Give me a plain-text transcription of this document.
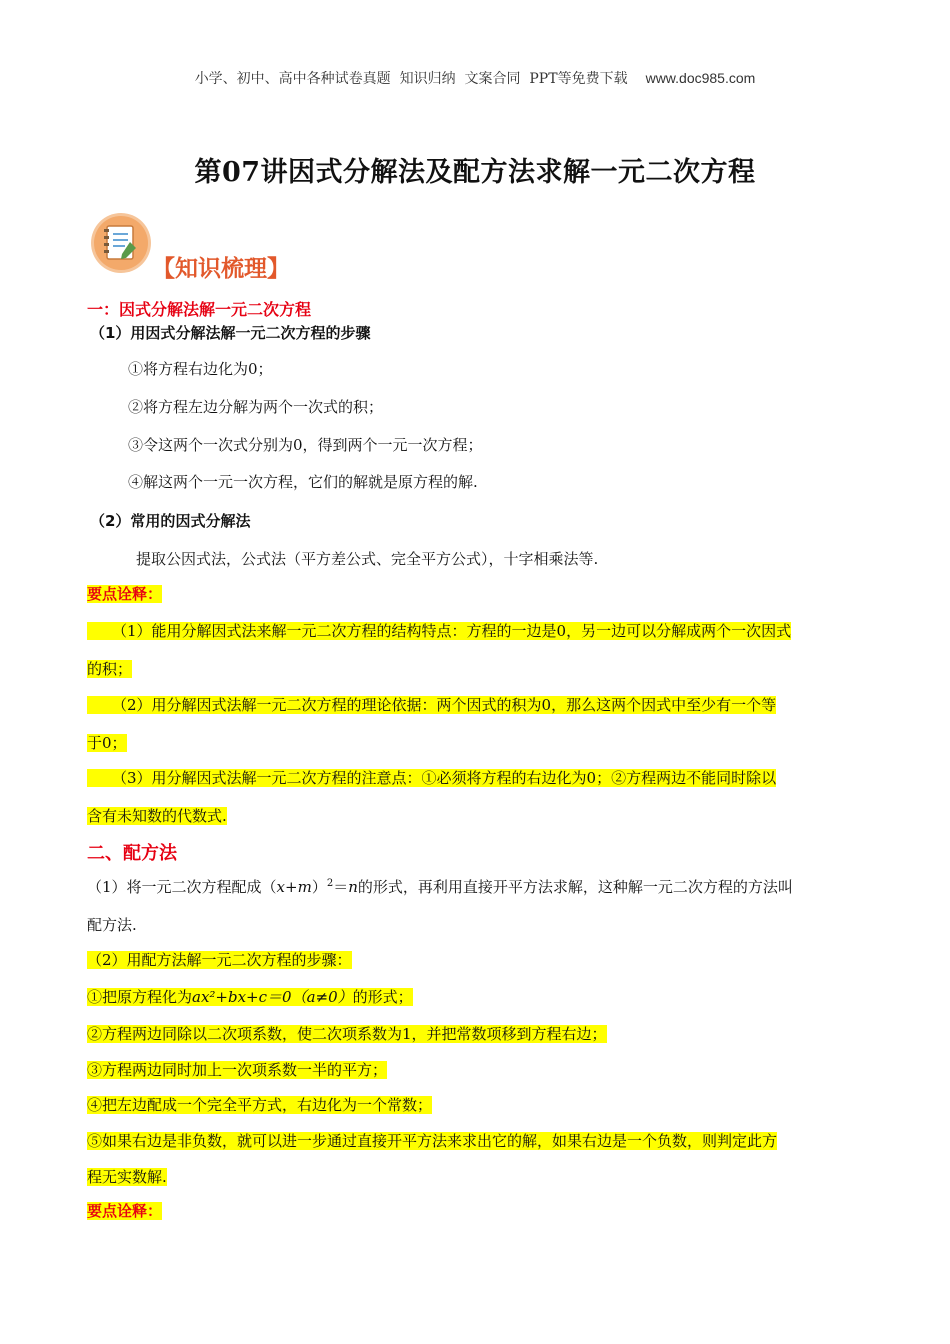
小学、初中、高中各种试卷真题  知识归纳  文案合同  PPT等免费下载 www.doc985.com
第07讲因式分解法及配方法求解一元二次方程
【知识梳理】
一：因式分解法解一元二次方程
（1）用因式分解法解一元二次方程的步骤
①将方程右边化为0；
②将方程左边分解为两个一次式的积；
③令这两个一次式分别为0，得到两个一元一次方程；
④解这两个一元一次方程，它们的解就是原方程的解.
（2）常用的因式分解法
提取公因式法，公式法（平方差公式、完全平方公式），十字相乘法等.
要点诠释：
（1）能用分解因式法来解一元二次方程的结构特点：方程的一边是0，另一边可以分解成两个一次因式
的积；
（2）用分解因式法解一元二次方程的理论依据：两个因式的积为0，那么这两个因式中至少有一个等
于0；
（3）用分解因式法解一元二次方程的注意点：①必须将方程的右边化为0；②方程两边不能同时除以
含有未知数的代数式.
二、配方法
（1）将一元二次方程配成$(x+m)^2=n$的形式，再利用直接开平方法求解，这种解一元二次方程的方法叫
配方法.
（2）用配方法解一元二次方程的步骤：
①把原方程化为ax²+bx+c＝0（a≠0）的形式；
②方程两边同除以二次项系数，使二次项系数为1，并把常数项移到方程右边；
③方程两边同时加上一次项系数一半的平方；
④把左边配成一个完全平方式，右边化为一个常数；
⑤如果右边是非负数，就可以进一步通过直接开平方法来求出它的解，如果右边是一个负数，则判定此方
程无实数解.
要点诠释：
